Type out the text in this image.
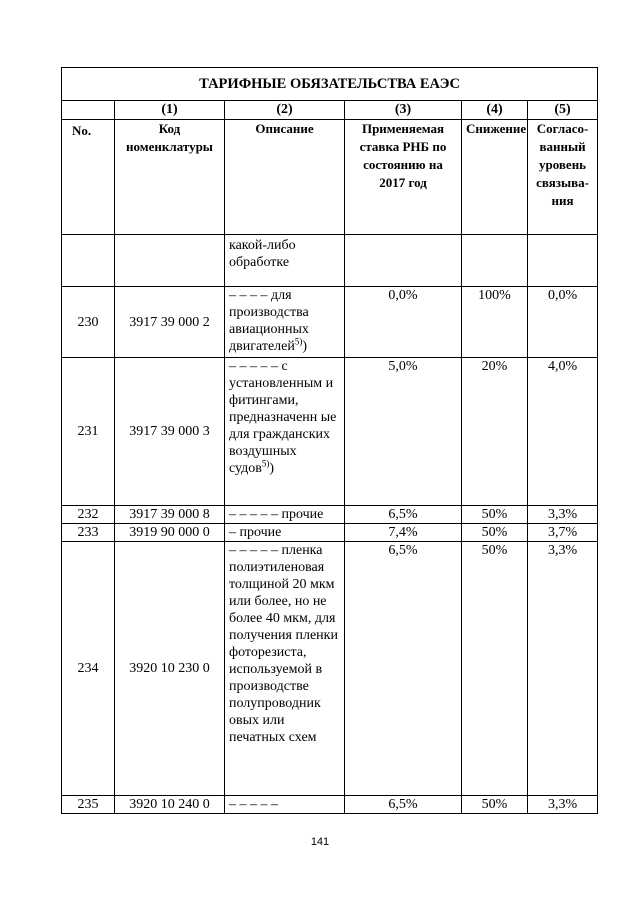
ТАРИФНЫЕ ОБЯЗАТЕЛЬСТВА ЕАЭС					
	(1)	(2)	(3)	(4)	(5)
No.	Код номенклатуры	Описание	Применяемая ставка РНБ по состоянию на 2017 год	Снижение	Согласо-ванный уровень связыва-ния
		какой-либо обработке			
230	3917 39 000 2	– – – – для производства авиационных двигателей$^{5)}$)	0,0%	100%	0,0%
231	3917 39 000 3	– – – – – с установленным и фитингами, предназначенн ые для гражданских воздушных судов$^{5)}$)	5,0%	20%	4,0%
232	3917 39 000 8	– – – – – прочие	6,5%	50%	3,3%
233	3919 90 000 0	– прочие	7,4%	50%	3,7%
234	3920 10 230 0	– – – – – пленка полиэтиленовая толщиной 20 мкм или более, но не более 40 мкм, для получения пленки фоторезиста, используемой в производстве полупроводник овых или печатных схем	6,5%	50%	3,3%
235	3920 10 240 0	– – – – –	6,5%	50%	3,3%
141
